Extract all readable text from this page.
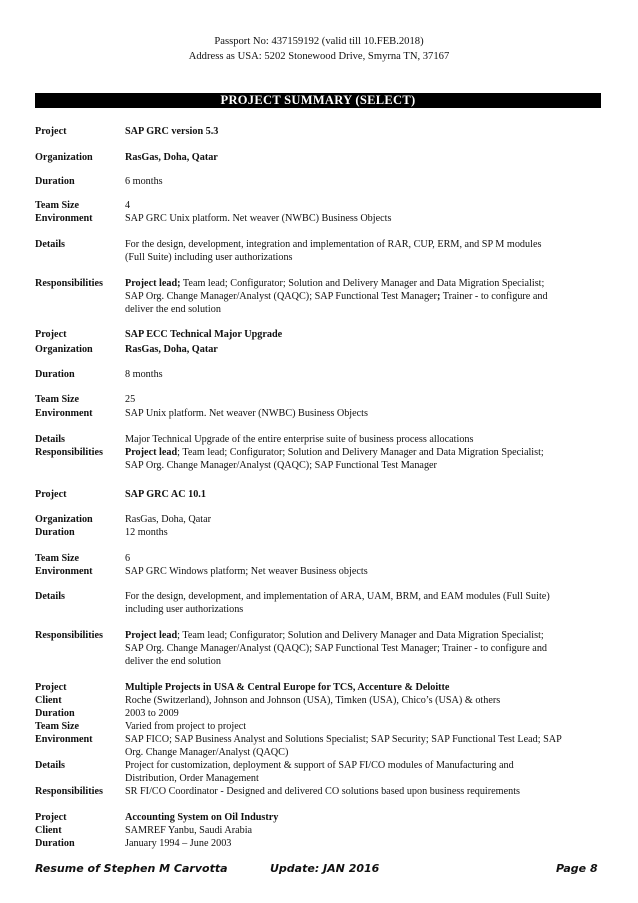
Passport No: 437159192 (valid till 10.FEB.2018)
Address as USA: 5202 Stonewood Drive, Smyrna TN, 37167
PROJECT SUMMARY (SELECT)
Project	SAP GRC version 5.3
Organization	RasGas, Doha, Qatar
Duration	6 months
Team Size	4
Environment	SAP GRC Unix platform. Net weaver (NWBC) Business Objects
Details	For the design, development, integration and implementation of RAR, CUP, ERM, and SP M modules
(Full Suite) including user authorizations
Responsibilities Project lead; Team lead; Configurator; Solution and Delivery Manager and Data Migration Specialist;
SAP Org. Change Manager/Analyst (QAQC); SAP Functional Test Manager; Trainer - to configure and
deliver the end solution
Project	SAP ECC Technical Major Upgrade
Organization	RasGas, Doha, Qatar
Duration	8 months
Team Size	25
Environment	SAP Unix platform. Net weaver (NWBC) Business Objects
Details	Major Technical Upgrade of the entire enterprise suite of business process allocations
Responsibilities Project lead; Team lead; Configurator; Solution and Delivery Manager and Data Migration Specialist;
SAP Org. Change Manager/Analyst (QAQC); SAP Functional Test Manager
Project	SAP GRC AC 10.1
Organization	RasGas, Doha, Qatar
Duration	12 months
Team Size	6
Environment	SAP GRC Windows platform; Net weaver Business objects
Details	For the design, development, and implementation of ARA, UAM, BRM, and EAM modules (Full Suite)
including user authorizations
Responsibilities Project lead; Team lead; Configurator; Solution and Delivery Manager and Data Migration Specialist;
SAP Org. Change Manager/Analyst (QAQC); SAP Functional Test Manager; Trainer - to configure and
deliver the end solution
Project	Multiple Projects in USA & Central Europe for TCS, Accenture & Deloitte
Client	Roche (Switzerland), Johnson and Johnson (USA), Timken (USA), Chico’s (USA) & others
Duration	2003 to 2009
Team Size	Varied from project to project
Environment	SAP FICO; SAP Business Analyst and Solutions Specialist; SAP Security; SAP Functional Test Lead; SAP
Org. Change Manager/Analyst (QAQC)
Details	Project for customization, deployment & support of SAP FI/CO modules of Manufacturing and
Distribution, Order Management
Responsibilities SR FI/CO Coordinator - Designed and delivered CO solutions based upon business requirements
Project	Accounting System on Oil Industry
Client	SAMREF Yanbu, Saudi Arabia
Duration	January 1994 – June 2003
Resume of Stephen M Carvotta	Update: JAN 2016	Page 8
